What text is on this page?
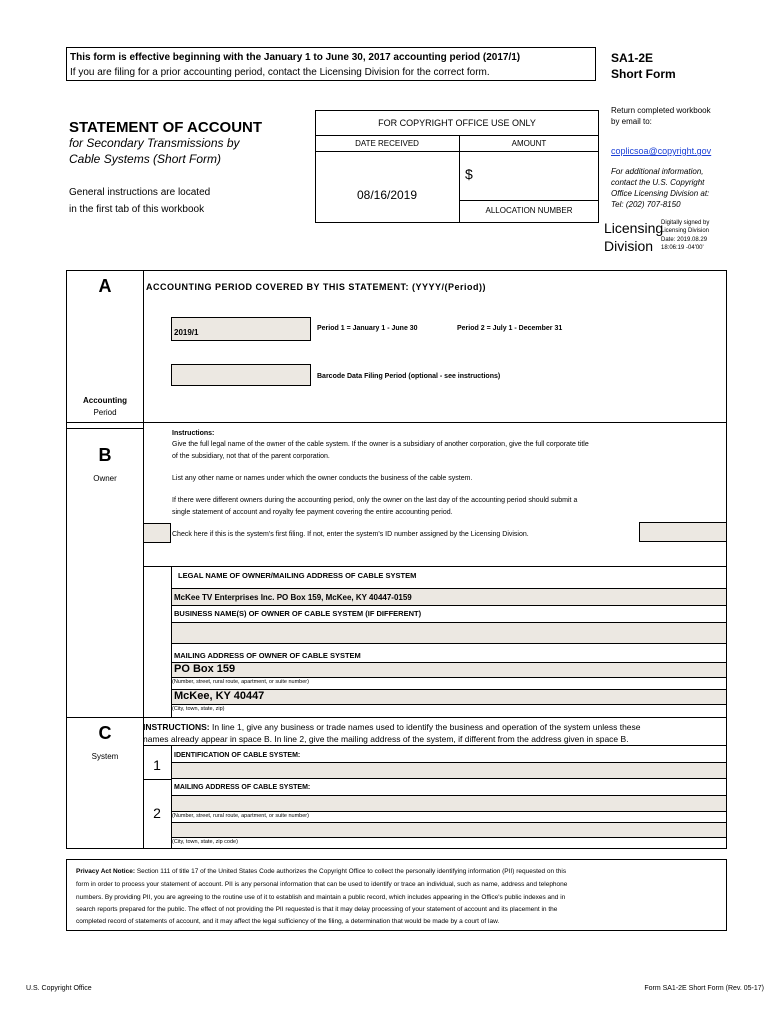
This form is effective beginning with the January 1 to June 30, 2017 accounting period (2017/1)
If you are filing for a prior accounting period, contact the Licensing Division for the correct form.
SA1-2E
Short Form
STATEMENT OF ACCOUNT
for Secondary Transmissions by
Cable Systems (Short Form)
General instructions are located
in the first tab of this workbook
FOR COPYRIGHT OFFICE USE ONLY
DATE RECEIVED	AMOUNT
08/16/2019
$
ALLOCATION NUMBER
Return completed workbook
by email to:
coplicsoa@copyright.gov
For additional information,
contact the U.S. Copyright
Office Licensing Division at:
Tel: (202) 707-8150
Licensing
Division
Digitally signed by
Licensing Division
Date: 2019.08.29
18:06:19 -04'00'
A
Accounting
Period
ACCOUNTING PERIOD COVERED BY THIS STATEMENT: (YYYY/(Period))
2019/1	Period 1 = January 1 - June 30	Period 2 = July 1 - December 31
Barcode Data Filing Period (optional - see instructions)
B
Owner
Instructions:
Give the full legal name of the owner of the cable system. If the owner is a subsidiary of another corporation, give the full corporate title
of the subsidiary, not that of the parent corporation.
List any other name or names under which the owner conducts the business of the cable system.
If there were different owners during the accounting period, only the owner on the last day of the accounting period should submit a
single statement of account and royalty fee payment covering the entire accounting period.
Check here if this is the system's first filing. If not, enter the system's ID number assigned by the Licensing Division.
LEGAL NAME OF OWNER/MAILING ADDRESS OF CABLE SYSTEM
McKee TV Enterprises Inc. PO Box 159, McKee, KY 40447-0159
BUSINESS NAME(S) OF OWNER OF CABLE SYSTEM (IF DIFFERENT)
MAILING ADDRESS OF OWNER OF CABLE SYSTEM
PO Box 159
(Number, street, rural route, apartment, or suite number)
McKee, KY 40447
(City, town, state, zip)
C
System
INSTRUCTIONS: In line 1, give any business or trade names used to identify the business and operation of the system unless these
names already appear in space B. In line 2, give the mailing address of the system, if different from the address given in space B.
1
IDENTIFICATION OF CABLE SYSTEM:
MAILING ADDRESS OF CABLE SYSTEM:
2	(Number, street, rural route, apartment, or suite number)
(City, town, state, zip code)
Privacy Act Notice: Section 111 of title 17 of the United States Code authorizes the Copyright Office to collect the personally identifying information (PII) requested on this
form in order to process your statement of account. PII is any personal information that can be used to identify or trace an individual, such as name, address and telephone
numbers. By providing PII, you are agreeing to the routine use of it to establish and maintain a public record, which includes appearing in the Office's public indexes and in
search reports prepared for the public. The effect of not providing the PII requested is that it may delay processing of your statement of account and its placement in the
completed record of statements of account, and it may affect the legal sufficiency of the filing, a determination that would be made by a court of law.
U.S. Copyright Office	Form SA1-2E Short Form (Rev. 05-17)
